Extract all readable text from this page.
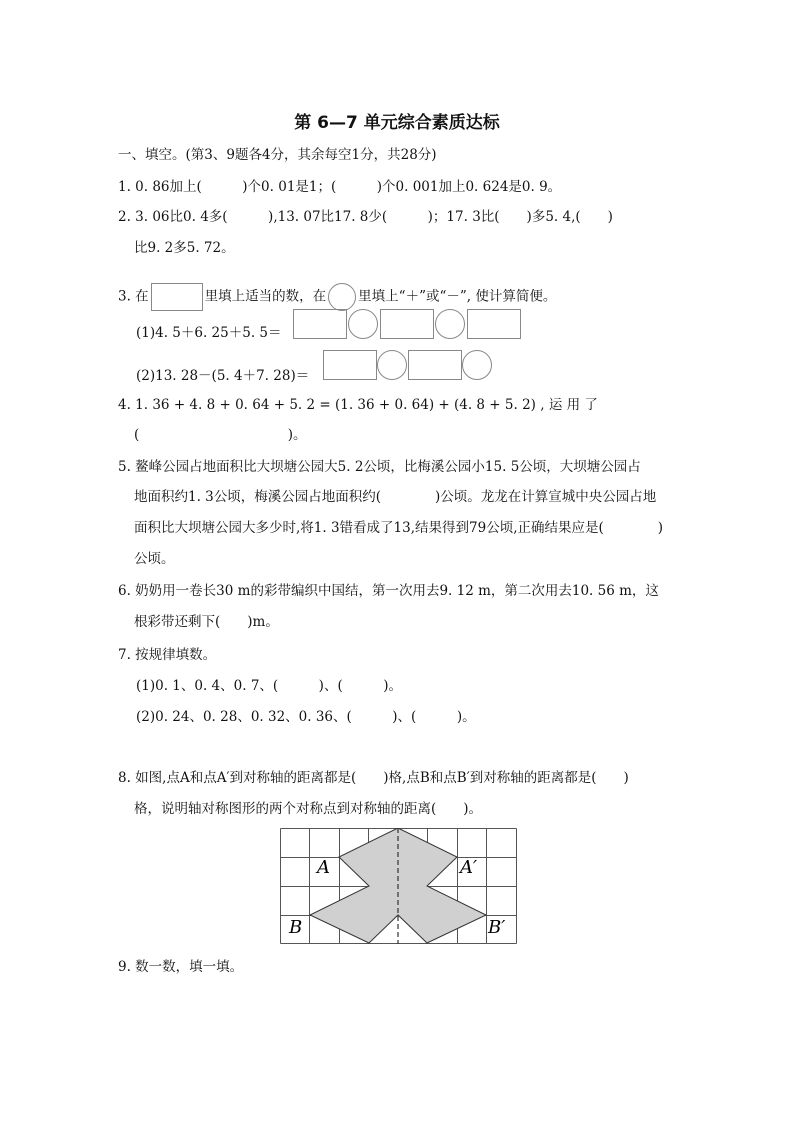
第 6—7 单元综合素质达标
一、填空。(第3、9题各4分，其余每空1分，共28分)
1. 0. 86加上(　　　)个0. 01是1；(　　　)个0. 001加上0. 624是0. 9。
2. 3. 06比0. 4多(　　　),13. 07比17. 8少(　　　)；17. 3比(　　)多5. 4,(　　)
比9. 2多5. 72。
3. 在	里填上适当的数，在 里填上“＋”或“－”, 使计算简便。
(1)4. 5＋6. 25＋5. 5＝
(2)13. 28－(5. 4＋7. 28)＝
4. 1. 36 + 4. 8 + 0. 64 + 5. 2 = (1. 36 + 0. 64) + (4. 8 + 5. 2) , 运 用 了
(　　　　　　　　　　　)。
5. 鳌峰公园占地面积比大坝塘公园大5. 2公顷，比梅溪公园小15. 5公顷，大坝塘公园占
地面积约1. 3公顷，梅溪公园占地面积约(　　　　)公顷。龙龙在计算宣城中央公园占地
面积比大坝塘公园大多少时,将1. 3错看成了13,结果得到79公顷,正确结果应是(　　　　)
公顷。
6. 奶奶用一卷长30 m的彩带编织中国结，第一次用去9. 12 m，第二次用去10. 56 m，这
根彩带还剩下(　　)m。
7. 按规律填数。
(1)0. 1、0. 4、0. 7、(　　　)、(　　　)。
(2)0. 24、0. 28、0. 32、0. 36、(　　　)、(　　　)。
8. 如图,点A和点A′到对称轴的距离都是(　　)格,点B和点B′到对称轴的距离都是(　　)
格，说明轴对称图形的两个对称点到对称轴的距离(　　)。
A	A′
B	B′
9. 数一数，填一填。
